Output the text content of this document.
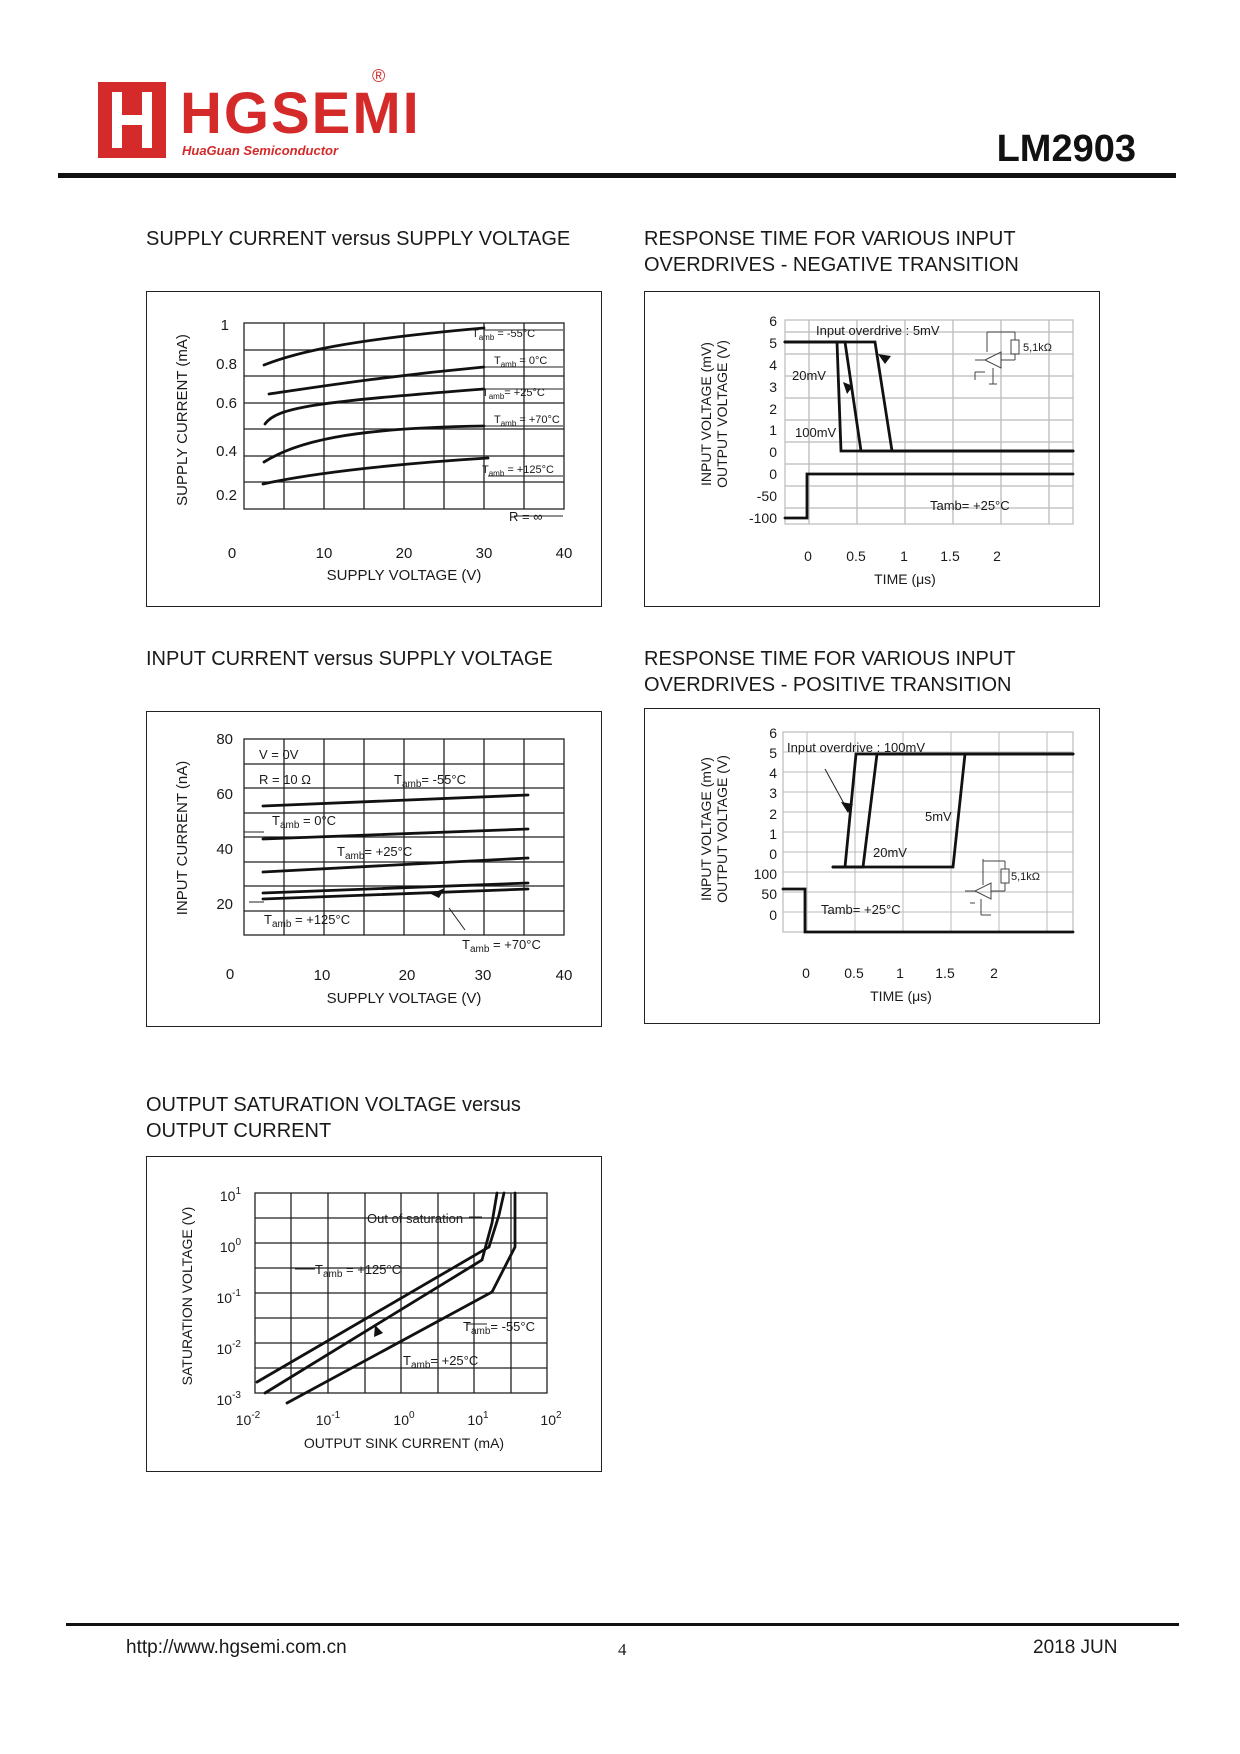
HGSEMI
HuaGuan Semiconductor
®
LM2903
SUPPLY CURRENT versus SUPPLY VOLTAGE	RESPONSE TIME FOR VARIOUS INPUT
OVERDRIVES - NEGATIVE TRANSITION
INPUT CURRENT versus SUPPLY VOLTAGE	RESPONSE TIME FOR VARIOUS INPUT
OVERDRIVES - POSITIVE TRANSITION
OUTPUT SATURATION VOLTAGE versus
OUTPUT CURRENT
1
0.8
0.6
0.4
0.2
0	10	20	30	40
SUPPLY VOLTAGE (V)
SUPPLY CURRENT (mA)
$T_{amb} = -55^\circ C$
$T_{amb} = 0^\circ C$
$T_{amb}= +25^\circ C$
$T_{amb} = +70^\circ C$
$T_{amb} = +125^\circ C$
R = ∞
6
5
4
3
2
1
0
0
-50
-100
0 0.5 1 1.5 2
TIME (μs)
OUTPUT VOLTAGE (V)
INPUT VOLTAGE (mV)
Input overdrive : 5mV
20mV
100mV
Tamb= +25°C
5,1kΩ
80
60
40
20
0	10	20	30	40
SUPPLY VOLTAGE (V)
INPUT CURRENT (nA)
V = 0V
R = 10 Ω	$T_{amb}= -55^\circ C$
$T_{amb} = 0^\circ C$
$T_{amb}= +25^\circ C$
$T_{amb} = +125^\circ C$
$T_{amb} = +70^\circ C$
6
5
4
3
2
1
0
100
50
0
0 0.5 1 1.5	2
TIME (μs)
OUTPUT VOLTAGE (V)
INPUT VOLTAGE (mV)
Input overdrive : 100mV
5mV
20mV
Tamb= +25°C
5,1kΩ
$10^1$
$10^0$
$10^{-1}$
$10^{-2}$
$10^{-3}$
$10^{-2}$	$10^{-1}$	$10^0$	$10^1$	$10^2$
OUTPUT SINK CURRENT (mA)
SATURATION VOLTAGE (V)	Out of saturation
$T_{amb} = +125^\circ C$
$T_{amb}= -55^\circ C$
$T_{amb}= +25^\circ C$
http://www.hgsemi.com.cn	4	2018 JUN
